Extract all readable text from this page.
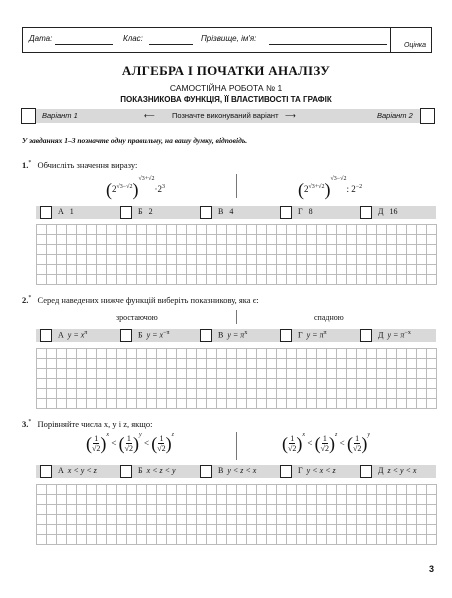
Дата:	Клас:	Прізвище, ім'я:
Оцінка
АЛГЕБРА І ПОЧАТКИ АНАЛІЗУ
САМОСТІЙНА РОБОТА № 1
ПОКАЗНИКОВА ФУНКЦІЯ, ЇЇ ВЛАСТИВОСТІ ТА ГРАФІК
Варіант 1	⟵ Позначте виконуваний варіант ⟶	Варіант 2
У завданнях 1–3 позначте одну правильну, на вашу думку, відповідь.
1.* Обчисліть значення виразу:
$(2^{√3-√2})^{√3+√2}\cdot 2^3$	$(2^{√3+√2})^{√3-√2}$: $2^{-2}$
А 1	Б 2	В 4	Г 8	Д 16
2.* Серед наведених нижче функцій виберіть показникову, яка є:
зростаючою	спадною
А $y = x^\pi$	Б $y = x^{-\pi}$	В $y = \pi^x$	Г $y = \pi^\pi$	Д $y = \pi^{-x}$
3.* Порівняйте числа x, y і z, якщо:
( $\frac{1}{√2} )^x$ < ( $\frac{1}{√2} )^y$ < ( $\frac{1}{√2} )^z$	( $\frac{1}{√2} )^x$ < ( $\frac{1}{√2} )^z$ < ( $\frac{1}{√2} )^y$
А x < y < z	Б x < z < y	В y < z < x	Г y < x < z	Д z < y < x
3
